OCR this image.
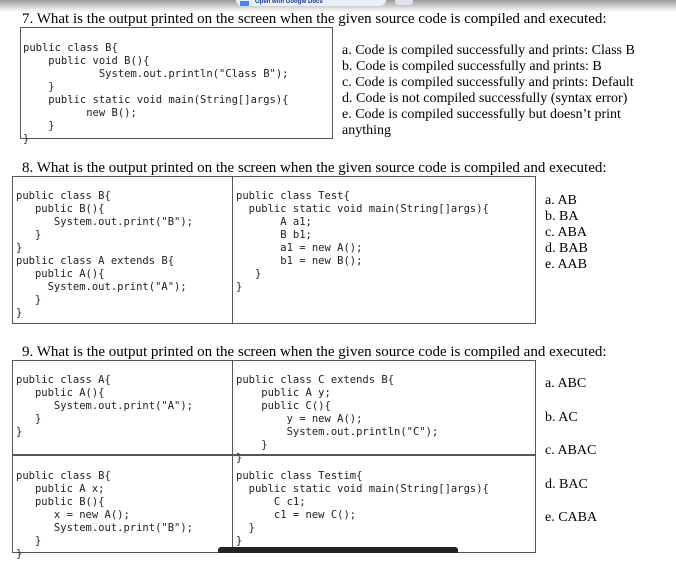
Open with Google Docs
7. What is the output printed on the screen when the given source code is compiled and executed:

public class B{
public void B(){
System.out.println("Class B");
}
public static void main(String[]args){
new B();
}
}

a. Code is compiled successfully and prints: Class B
b. Code is compiled successfully and prints: B
c. Code is compiled successfully and prints: Default
d. Code is not compiled successfully (syntax error)
e. Code is compiled successfully but doesn’t print
anything
8. What is the output printed on the screen when the given source code is compiled and executed:

public class B{
public B(){
System.out.print("B");
}
}
public class A extends B{
public A(){
System.out.print("A");
}
}

public class Test{
public static void main(String[]args){
A a1;
B b1;
a1 = new A();
b1 = new B();
}
}

a. AB
b. BA
c. ABA
d. BAB
e. AAB
9. What is the output printed on the screen when the given source code is compiled and executed:

public class A{
public A(){
System.out.print("A");
}
}

public class C extends B{
public A y;
public C(){
y = new A();
System.out.println("C");
}
}

public class B{
public A x;
public B(){
x = new A();
System.out.print("B");
}
}

public class Testim{
public static void main(String[]args){
C c1;
c1 = new C();
}
}

a. ABC
b. AC
c. ABAC
d. BAC
e. CABA
